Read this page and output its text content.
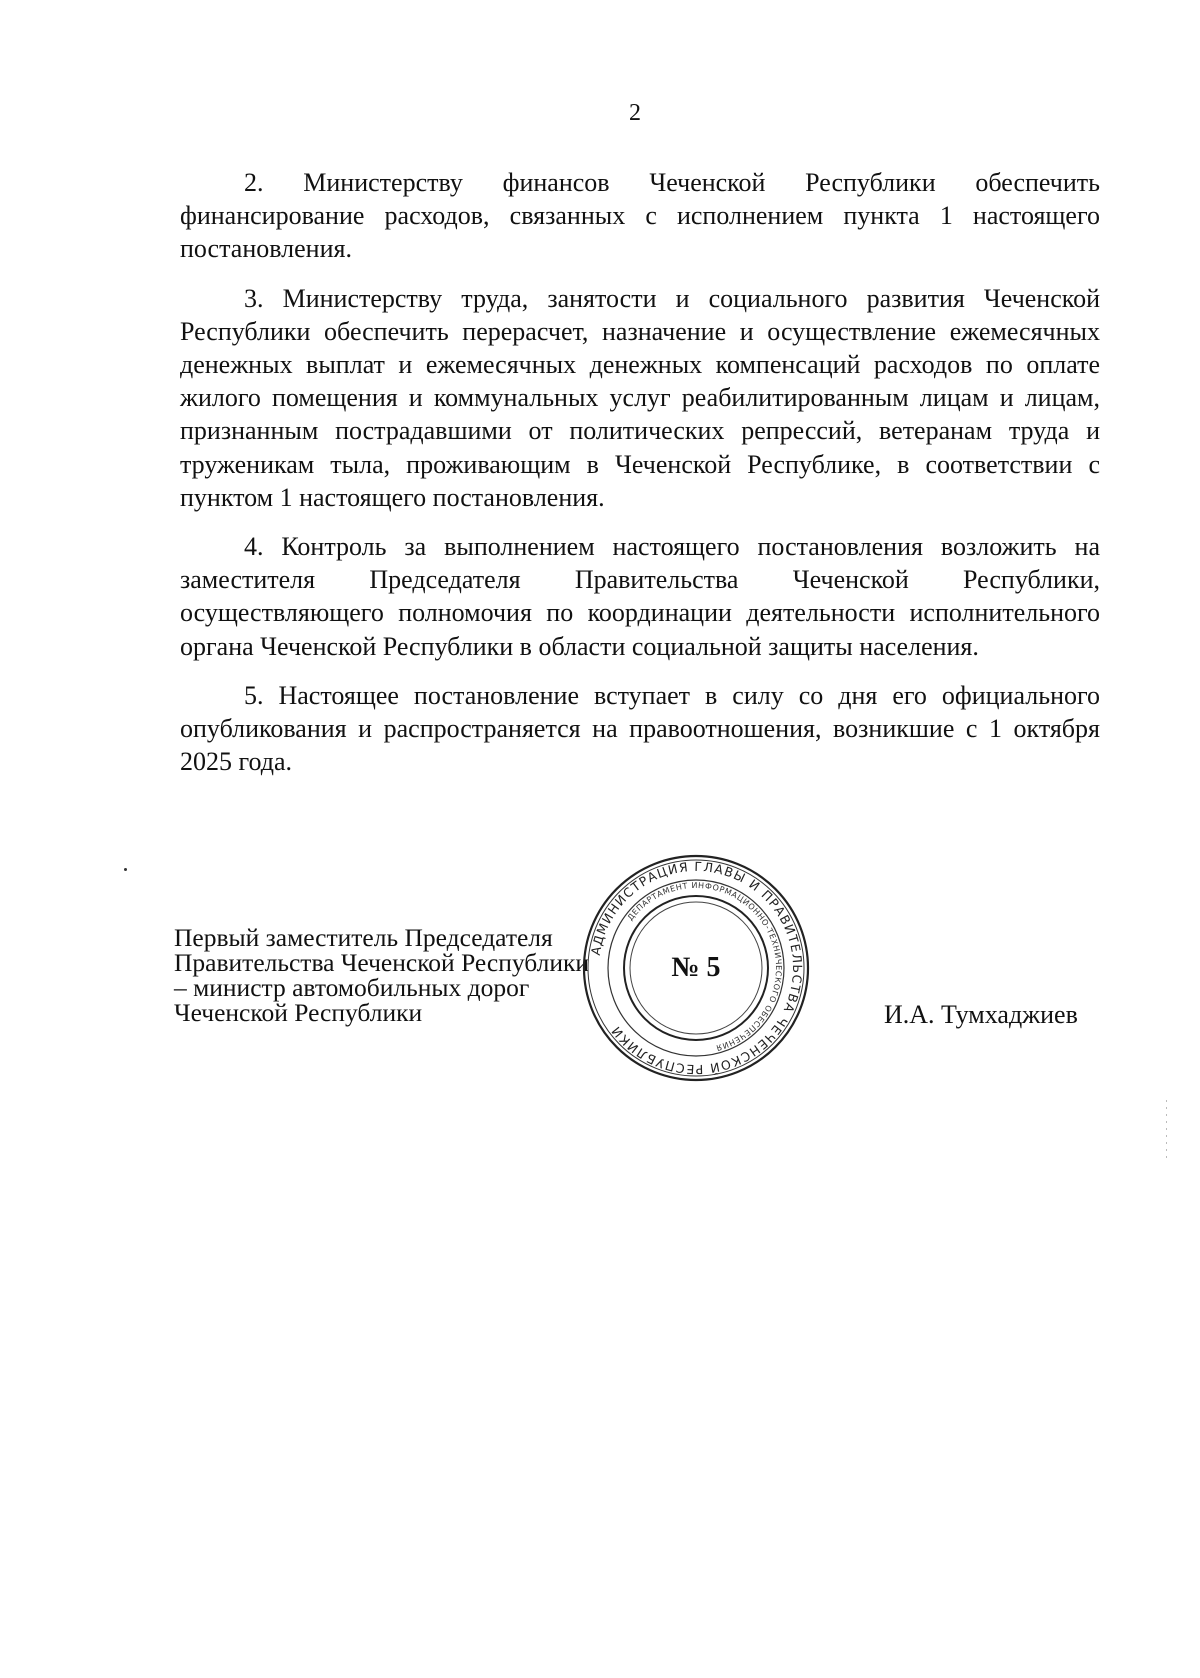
2

2. Министерству финансов Чеченской Республики обеспечить финансирование расходов, связанных с исполнением пункта 1 настоящего постановления.

3. Министерству труда, занятости и социального развития Чеченской Республики обеспечить перерасчет, назначение и осуществление ежемесячных денежных выплат и ежемесячных денежных компенсаций расходов по оплате жилого помещения и коммунальных услуг реабилитированным лицам и лицам, признанным пострадавшими от политических репрессий, ветеранам труда и труженикам тыла, проживающим в Чеченской Республике, в соответствии с пунктом 1 настоящего постановления.

4. Контроль за выполнением настоящего постановления возложить на заместителя Председателя Правительства Чеченской Республики, осуществляющего полномочия по координации деятельности исполнительного органа Чеченской Республики в области социальной защиты населения.

5. Настоящее постановление вступает в силу со дня его официального опубликования и распространяется на правоотношения, возникшие с 1 октября 2025 года.

Первый заместитель Председателя
Правительства Чеченской Республики
– министр автомобильных дорог
Чеченской Республики
АДМИНИСТРАЦИЯ ГЛАВЫ И ПРАВИТЕЛЬСТВА ЧЕЧЕНСКОЙ РЕСПУБЛИКИ
ДЕПАРТАМЕНТ ИНФОРМАЦИОННО-ТЕХНИЧЕСКОГО ОБЕСПЕЧЕНИЯ
№ 5
И.А. Тумхаджиев
